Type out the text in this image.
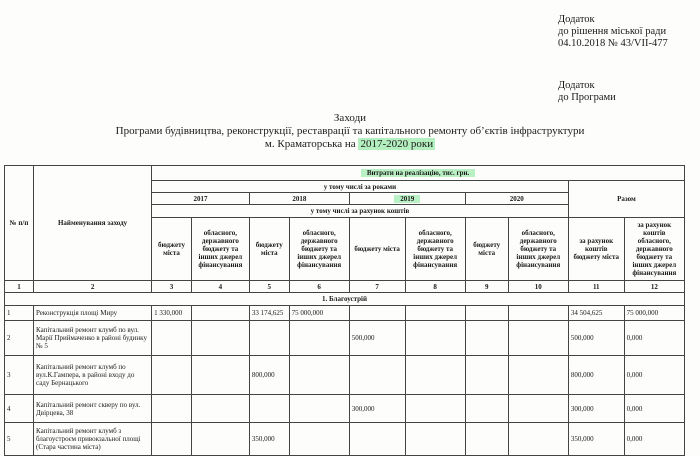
Додаток
до рішення міської ради
04.10.2018 № 43/VII-477
Додаток
до Програми
Заходи
Програми будівництва, реконструкції, реставрації та капітального ремонту об’єктів інфраструктури
м. Краматорська на 2017-2020 роки
№ п/п	Найменування заходу	Витрати на реалізацію, тис. грн.									
		у тому числі за роками								Разом	
		2017		2018		2019		2020			
		у тому числі за рахунок коштів									
		бюджету міста	обласного, державного бюджету та інших джерел фінансування	бюджету міста	обласного, державного бюджету та інших джерел фінансування	бюджету міста	обласного, державного бюджету та інших джерел фінансування	бюджету міста	обласного, державного бюджету та інших джерел фінансування	за рахунок коштів бюджету міста	за рахунок коштів обласного, державного бюджету та інших джерел фінансування
1	2	3	4	5	6	7	8	9	10	11	12
1. Благоустрій											
1	Реконструкція площі Миру	1 330,000		33 174,625	75 000,000					34 504,625	75 000,000
2	Капітальний ремонт клумб по вул. Марії Приймаченко в районі будинку № 5					500,000				500,000	0,000
3	Капітальний ремонт клумб по вул.К.Гампера, в районі входу до саду Бернацького			800,000						800,000	0,000
4	Капітальний ремонт скверу по вул. Двірцева, 38					300,000				300,000	0,000
5	Капітальний ремонт клумб з благоустроєм привокзальної площі (Стара частина міста)			350,000						350,000	0,000
